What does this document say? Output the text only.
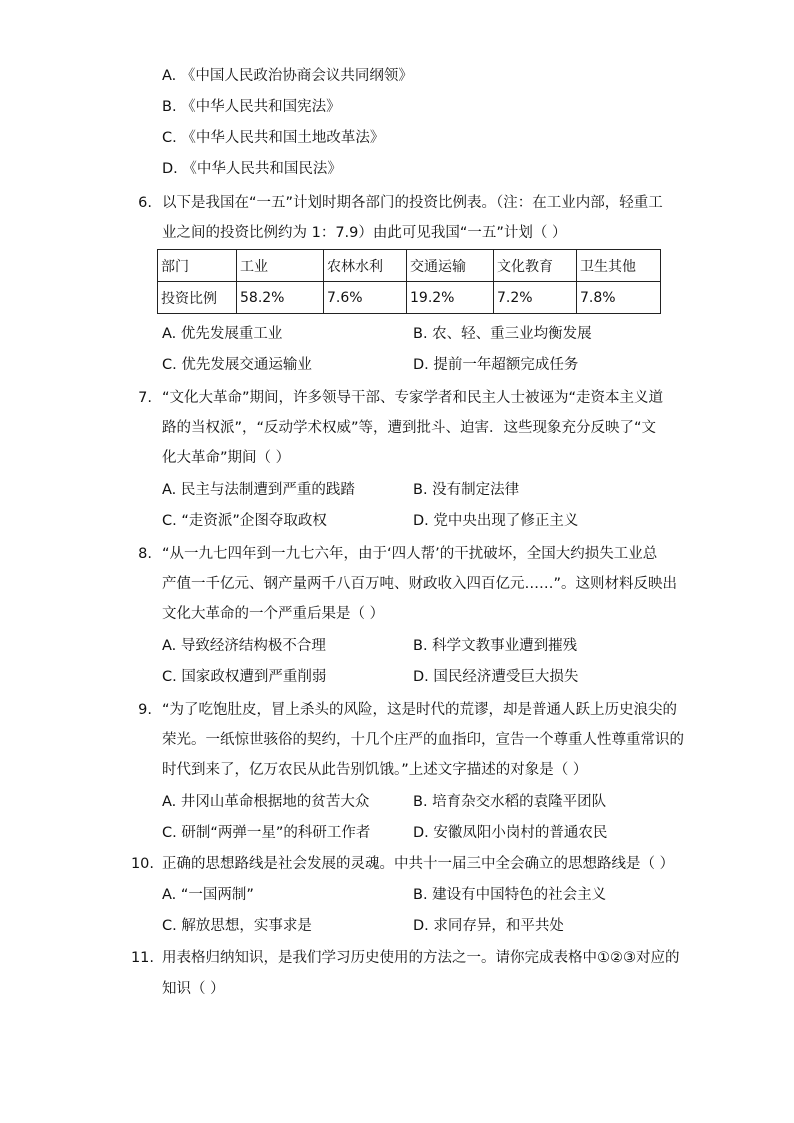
A. 《中国人民政治协商会议共同纲领》
B. 《中华人民共和国宪法》
C. 《中华人民共和国土地改革法》
D. 《中华人民共和国民法》
6. 以下是我国在“一五”计划时期各部门的投资比例表。（注：在工业内部，轻重工
业之间的投资比例约为 1：7.9）由此可见我国“一五”计划（ ）
部门	工业	农林水利	交通运输	文化教育	卫生其他
投资比例	58.2%	7.6%	19.2%	7.2%	7.8%
A. 优先发展重工业	B. 农、轻、重三业均衡发展
C. 优先发展交通运输业	D. 提前一年超额完成任务
7. “文化大革命”期间，许多领导干部、专家学者和民主人士被诬为“走资本主义道
路的当权派”，“反动学术权威”等，遭到批斗、迫害．这些现象充分反映了“文
化大革命”期间（ ）
A. 民主与法制遭到严重的践踏	B. 没有制定法律
C. “走资派”企图夺取政权	D. 党中央出现了修正主义
8. “从一九七四年到一九七六年，由于‘四人帮’的干扰破坏，全国大约损失工业总
产值一千亿元、钢产量两千八百万吨、财政收入四百亿元……”。这则材料反映出
文化大革命的一个严重后果是（ ）
A. 导致经济结构极不合理	B. 科学文教事业遭到摧残
C. 国家政权遭到严重削弱	D. 国民经济遭受巨大损失
9. “为了吃饱肚皮，冒上杀头的风险，这是时代的荒谬，却是普通人跃上历史浪尖的
荣光。一纸惊世骇俗的契约，十几个庄严的血指印，宣告一个尊重人性尊重常识的
时代到来了，亿万农民从此告别饥饿。”上述文字描述的对象是（ ）
A. 井冈山革命根据地的贫苦大众	B. 培育杂交水稻的袁隆平团队
C. 研制“两弹一星”的科研工作者	D. 安徽凤阳小岗村的普通农民
10. 正确的思想路线是社会发展的灵魂。中共十一届三中全会确立的思想路线是（ ）
A. “一国两制”	B. 建设有中国特色的社会主义
C. 解放思想，实事求是	D. 求同存异，和平共处
11. 用表格归纳知识，是我们学习历史使用的方法之一。请你完成表格中①②③对应的
知识（ ）
